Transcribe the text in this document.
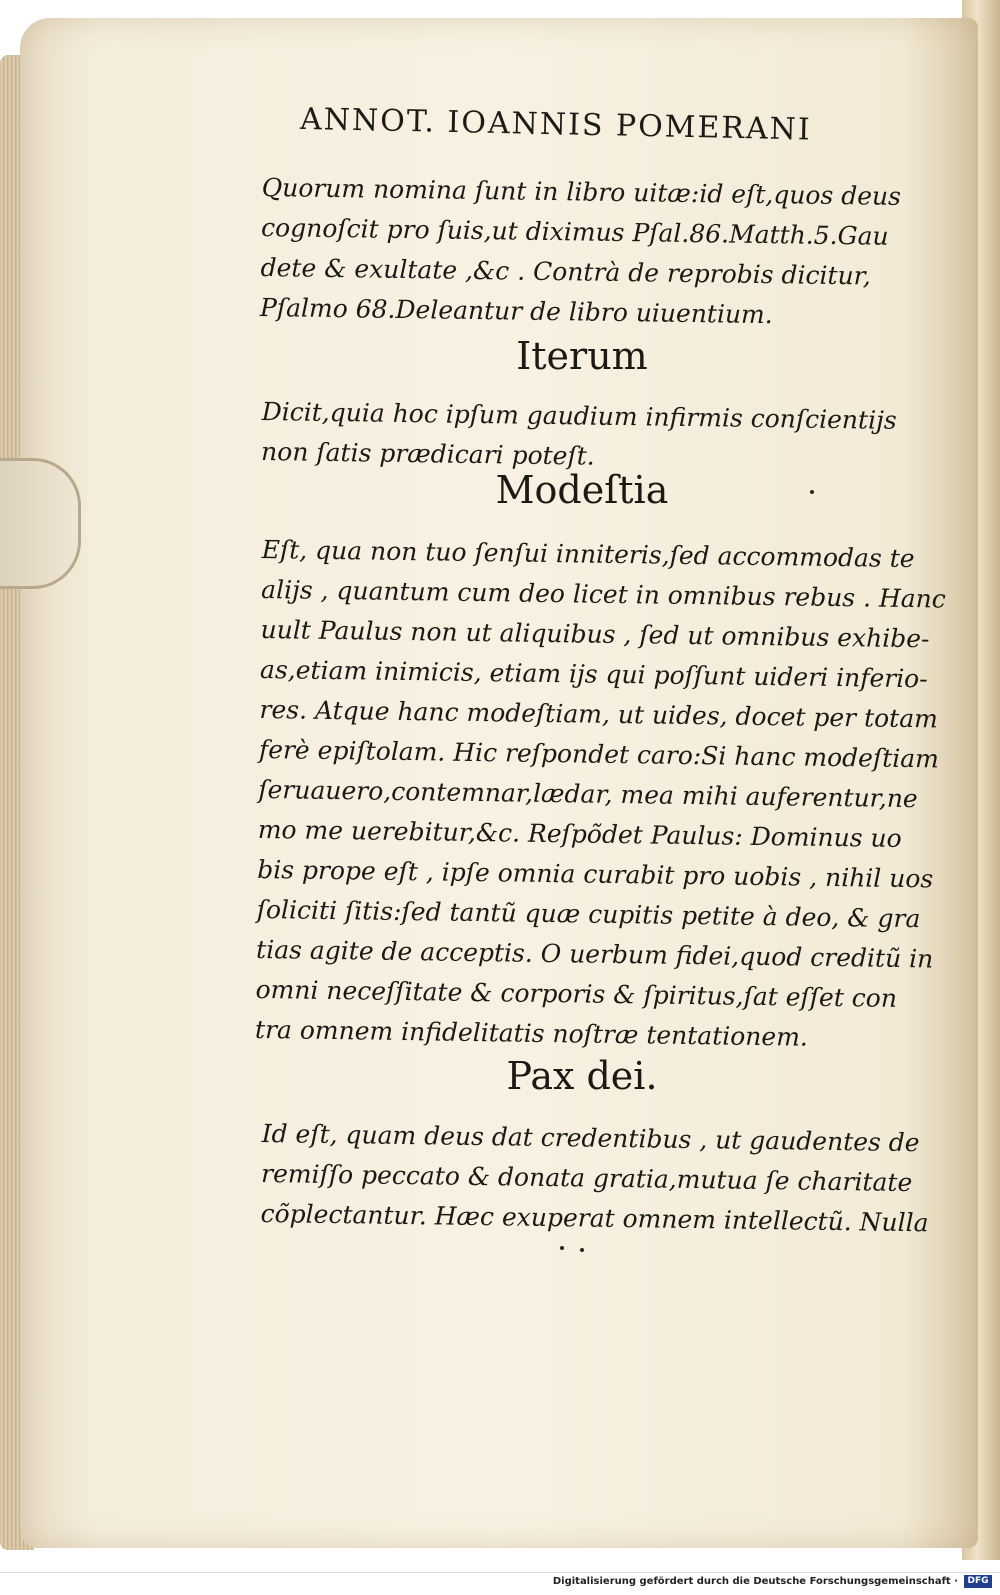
ANNOT. IOANNIS POMERANI
Quorum nomina ſunt in libro uitæ:id eſt,quos deus
cognoſcit pro ſuis,ut diximus Pſal.86.Matth.5.Gau
dete & exultate ,&c . Contrà de reprobis dicitur,
Pſalmo 68.Deleantur de libro uiuentium.
Iterum
Dicit,quia hoc ipſum gaudium infirmis conſcientijs
non ſatis prædicari poteſt.
Modeſtia
Eſt, qua non tuo ſenſui inniteris,ſed accommodas te
alijs , quantum cum deo licet in omnibus rebus . Hanc
uult Paulus non ut aliquibus , ſed ut omnibus exhibe-
as,etiam inimicis, etiam ijs qui poſſunt uideri inferio-
res. Atque hanc modeſtiam, ut uides, docet per totam
ferè epiſtolam. Hic reſpondet caro:Si hanc modeſtiam
ſeruauero,contemnar,lædar, mea mihi auferentur,ne
mo me uerebitur,&c. Reſpõdet Paulus: Dominus uo
bis prope eſt , ipſe omnia curabit pro uobis , nihil uos
ſoliciti ſitis:ſed tantũ quæ cupitis petite à deo, & gra
tias agite de acceptis. O uerbum fidei,quod creditũ in
omni neceſſitate & corporis & ſpiritus,ſat eſſet con
tra omnem infidelitatis noſtræ tentationem.
Pax dei.
Id eſt, quam deus dat credentibus , ut gaudentes de
remiſſo peccato & donata gratia,mutua ſe charitate
cõplectantur. Hæc exuperat omnem intellectũ. Nulla
Digitalisierung gefördert durch die Deutsche Forschungsgemeinschaft ·	DFG
